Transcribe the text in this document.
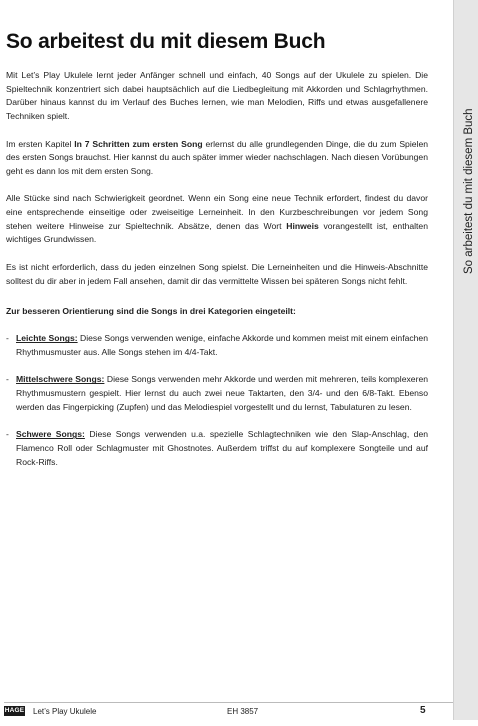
So arbeitest du mit diesem Buch

Mit Let’s Play Ukulele lernt jeder Anfänger schnell und einfach, 40 Songs auf der Ukulele zu spielen. Die Spieltechnik konzentriert sich dabei hauptsächlich auf die Liedbegleitung mit Akkorden und Schlagrhythmen. Darüber hinaus kannst du im Verlauf des Buches lernen, wie man Melodien, Riffs und etwas ausgefallenere Techniken spielt.

Im ersten Kapitel In 7 Schritten zum ersten Song erlernst du alle grundlegenden Dinge, die du zum Spielen des ersten Songs brauchst. Hier kannst du auch später immer wieder nachschlagen. Nach diesen Vorübungen geht es dann los mit dem ersten Song.

Alle Stücke sind nach Schwierigkeit geordnet. Wenn ein Song eine neue Technik erfordert, findest du davor eine entsprechende einseitige oder zweiseitige Lerneinheit. In den Kurzbeschreibungen vor jedem Song stehen weitere Hinweise zur Spieltechnik. Absätze, denen das Wort Hinweis vorangestellt ist, enthalten wichtiges Grundwissen.

Es ist nicht erforderlich, dass du jeden einzelnen Song spielst. Die Lerneinheiten und die Hinweis-Abschnitte solltest du dir aber in jedem Fall ansehen, damit dir das vermittelte Wissen bei späteren Songs nicht fehlt.

Zur besseren Orientierung sind die Songs in drei Kategorien eingeteilt:

- Leichte Songs: Diese Songs verwenden wenige, einfache Akkorde und kommen meist mit einem einfachen Rhythmusmuster aus. Alle Songs stehen im 4/4-Takt.

- Mittelschwere Songs: Diese Songs verwenden mehr Akkorde und werden mit mehreren, teils komplexeren Rhythmusmustern gespielt. Hier lernst du auch zwei neue Taktarten, den 3/4- und den 6/8-Takt. Ebenso werden das Fingerpicking (Zupfen) und das Melodiespiel vorgestellt und du lernst, Tabulaturen zu lesen.

- Schwere Songs: Diese Songs verwenden u.a. spezielle Schlagtechniken wie den Slap-Anschlag, den Flamenco Roll oder Schlagmuster mit Ghostnotes. Außerdem triffst du auf komplexere Songteile und auf Rock-Riffs.

So arbeitest du mit diesem Buch
HAGE Let’s Play Ukulele	EH 3857	5
